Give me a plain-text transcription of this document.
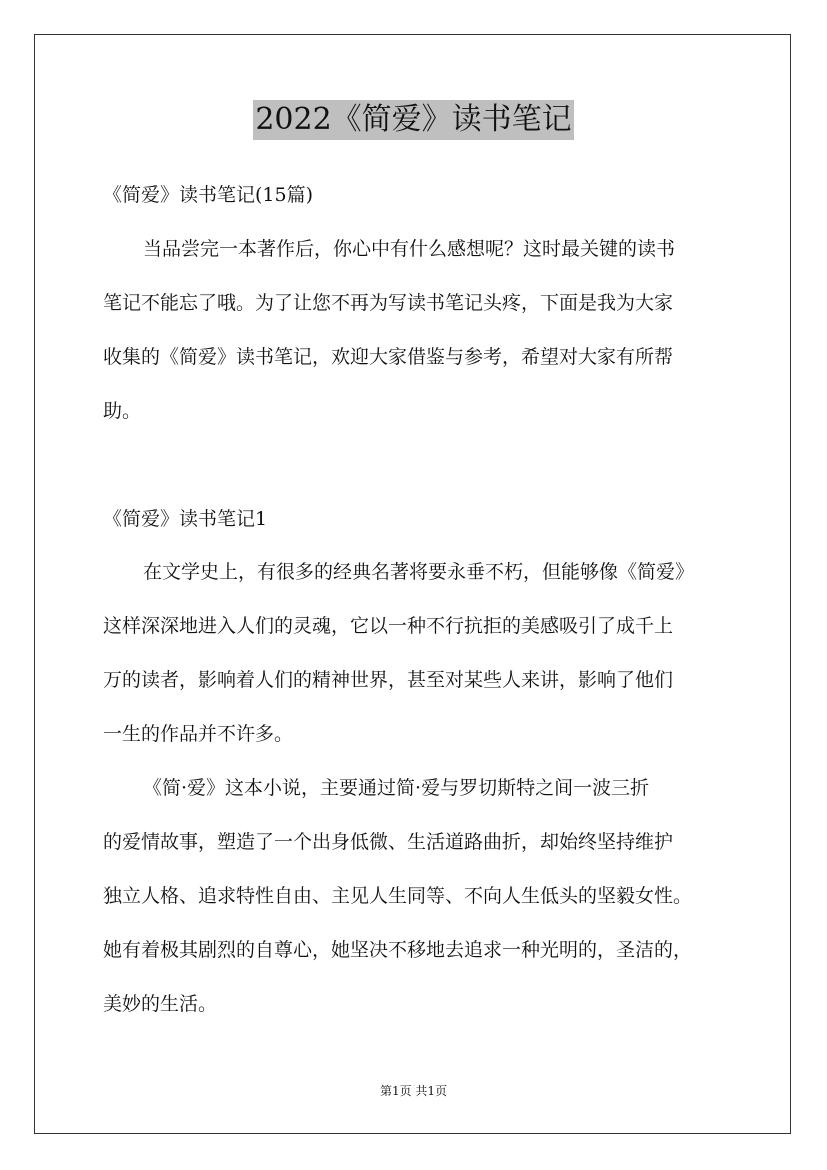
2022《简爱》读书笔记
《简爱》读书笔记(15篇)
当品尝完一本著作后，你心中有什么感想呢？这时最关键的读书
笔记不能忘了哦。为了让您不再为写读书笔记头疼，下面是我为大家
收集的《简爱》读书笔记，欢迎大家借鉴与参考，希望对大家有所帮
助。
《简爱》读书笔记1
在文学史上，有很多的经典名著将要永垂不朽，但能够像《简爱》
这样深深地进入人们的灵魂，它以一种不行抗拒的美感吸引了成千上
万的读者，影响着人们的精神世界，甚至对某些人来讲，影响了他们
一生的作品并不许多。
《简·爱》这本小说，主要通过简·爱与罗切斯特之间一波三折
的爱情故事，塑造了一个出身低微、生活道路曲折，却始终坚持维护
独立人格、追求特性自由、主见人生同等、不向人生低头的坚毅女性。
她有着极其剧烈的自尊心，她坚决不移地去追求一种光明的，圣洁的，
美妙的生活。
第1页 共1页
